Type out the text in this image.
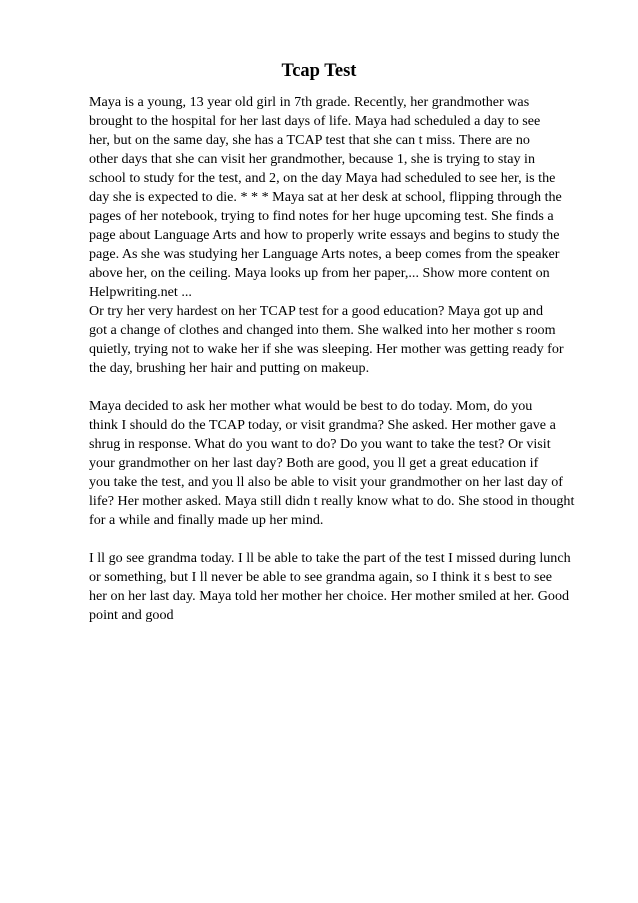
Tcap Test
Maya is a young, 13 year old girl in 7th grade. Recently, her grandmother was
brought to the hospital for her last days of life. Maya had scheduled a day to see
her, but on the same day, she has a TCAP test that she can t miss. There are no
other days that she can visit her grandmother, because 1, she is trying to stay in
school to study for the test, and 2, on the day Maya had scheduled to see her, is the
day she is expected to die. * * * Maya sat at her desk at school, flipping through the
pages of her notebook, trying to find notes for her huge upcoming test. She finds a
page about Language Arts and how to properly write essays and begins to study the
page. As she was studying her Language Arts notes, a beep comes from the speaker
above her, on the ceiling. Maya looks up from her paper,... Show more content on
Helpwriting.net ...
Or try her very hardest on her TCAP test for a good education? Maya got up and
got a change of clothes and changed into them. She walked into her mother s room
quietly, trying not to wake her if she was sleeping. Her mother was getting ready for
the day, brushing her hair and putting on makeup.
Maya decided to ask her mother what would be best to do today. Mom, do you
think I should do the TCAP today, or visit grandma? She asked. Her mother gave a
shrug in response. What do you want to do? Do you want to take the test? Or visit
your grandmother on her last day? Both are good, you ll get a great education if
you take the test, and you ll also be able to visit your grandmother on her last day of
life? Her mother asked. Maya still didn t really know what to do. She stood in thought
for a while and finally made up her mind.
I ll go see grandma today. I ll be able to take the part of the test I missed during lunch
or something, but I ll never be able to see grandma again, so I think it s best to see
her on her last day. Maya told her mother her choice. Her mother smiled at her. Good
point and good
